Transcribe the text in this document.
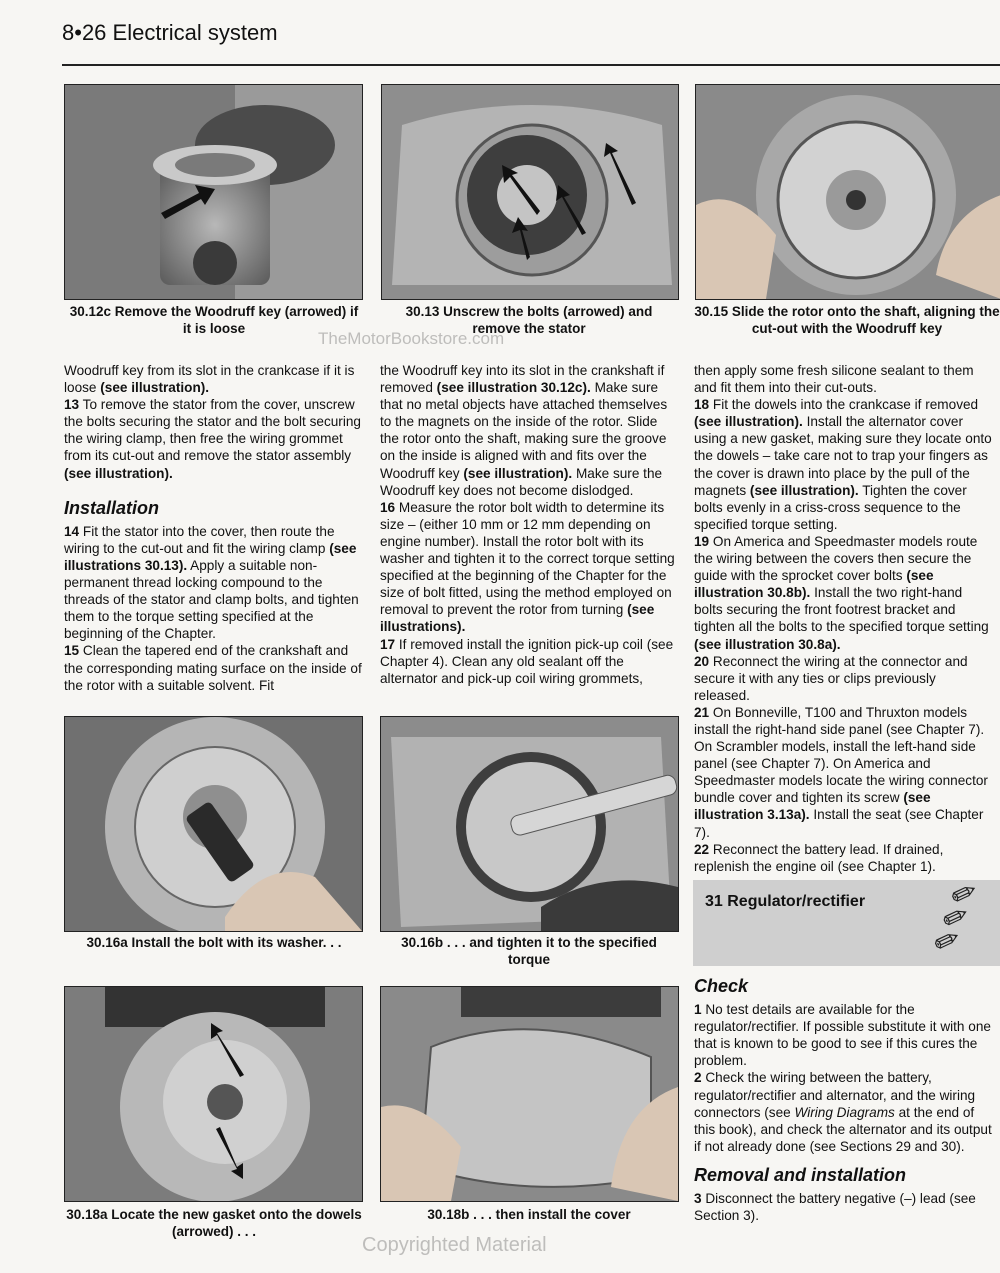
8•26 Electrical system
30.12c Remove the Woodruff key (arrowed) if it is loose
30.13 Unscrew the bolts (arrowed) and remove the stator
30.15 Slide the rotor onto the shaft, aligning the cut-out with the Woodruff key
TheMotorBookstore.com

Woodruff key from its slot in the crankcase if it is loose (see illustration).

13 To remove the stator from the cover, unscrew the bolts securing the stator and the bolt securing the wiring clamp, then free the wiring grommet from its cut-out and remove the stator assembly (see illustration).

Installation

14 Fit the stator into the cover, then route the wiring to the cut-out and fit the wiring clamp (see illustrations 30.13). Apply a suitable non-permanent thread locking compound to the threads of the stator and clamp bolts, and tighten them to the torque setting specified at the beginning of the Chapter.

15 Clean the tapered end of the crankshaft and the corresponding mating surface on the inside of the rotor with a suitable solvent. Fit

the Woodruff key into its slot in the crankshaft if removed (see illustration 30.12c). Make sure that no metal objects have attached themselves to the magnets on the inside of the rotor. Slide the rotor onto the shaft, making sure the groove on the inside is aligned with and fits over the Woodruff key (see illustration). Make sure the Woodruff key does not become dislodged.

16 Measure the rotor bolt width to determine its size – (either 10 mm or 12 mm depending on engine number). Install the rotor bolt with its washer and tighten it to the correct torque setting specified at the beginning of the Chapter for the size of bolt fitted, using the method employed on removal to prevent the rotor from turning (see illustrations).

17 If removed install the ignition pick-up coil (see Chapter 4). Clean any old sealant off the alternator and pick-up coil wiring grommets,

then apply some fresh silicone sealant to them and fit them into their cut-outs.

18 Fit the dowels into the crankcase if removed (see illustration). Install the alternator cover using a new gasket, making sure they locate onto the dowels – take care not to trap your fingers as the cover is drawn into place by the pull of the magnets (see illustration). Tighten the cover bolts evenly in a criss-cross sequence to the specified torque setting.

19 On America and Speedmaster models route the wiring between the covers then secure the guide with the sprocket cover bolts (see illustration 30.8b). Install the two right-hand bolts securing the front footrest bracket and tighten all the bolts to the specified torque setting (see illustration 30.8a).

20 Reconnect the wiring at the connector and secure it with any ties or clips previously released.

21 On Bonneville, T100 and Thruxton models install the right-hand side panel (see Chapter 7). On Scrambler models, install the left-hand side panel (see Chapter 7). On America and Speedmaster models locate the wiring connector bundle cover and tighten its screw (see illustration 3.13a). Install the seat (see Chapter 7).

22 Reconnect the battery lead. If drained, replenish the engine oil (see Chapter 1).

31 Regulator/rectifier ✎✎✎
Check

1 No test details are available for the regulator/rectifier. If possible substitute it with one that is known to be good to see if this cures the problem.

2 Check the wiring between the battery, regulator/rectifier and alternator, and the wiring connectors (see Wiring Diagrams at the end of this book), and check the alternator and its output if not already done (see Sections 29 and 30).

Removal and installation

3 Disconnect the battery negative (–) lead (see Section 3).

30.16a Install the bolt with its washer. . .	30.16b . . . and tighten it to the specified torque
30.18a Locate the new gasket onto the dowels (arrowed) . . .
30.18b . . . then install the cover
Copyrighted Material
